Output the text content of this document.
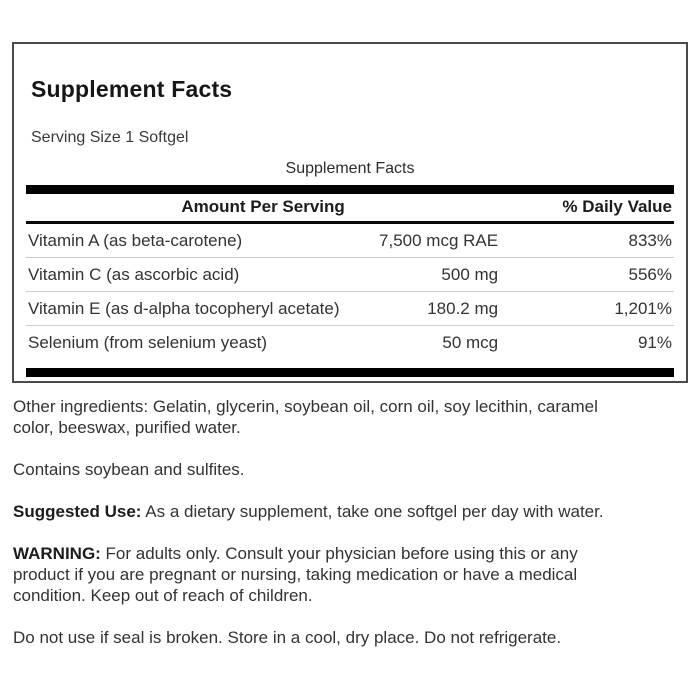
Supplement Facts
Serving Size 1 Softgel
Supplement Facts
Amount Per Serving	% Daily Value
Vitamin A (as beta-carotene)	7,500 mcg RAE	833%
Vitamin C (as ascorbic acid)	500 mg	556%
Vitamin E (as d-alpha tocopheryl acetate)	180.2 mg	1,201%
Selenium (from selenium yeast)	50 mcg	91%
Other ingredients: Gelatin, glycerin, soybean oil, corn oil, soy lecithin, caramel
color, beeswax, purified water.
Contains soybean and sulfites.
Suggested Use: As a dietary supplement, take one softgel per day with water.
WARNING: For adults only. Consult your physician before using this or any
product if you are pregnant or nursing, taking medication or have a medical
condition. Keep out of reach of children.
Do not use if seal is broken. Store in a cool, dry place. Do not refrigerate.
